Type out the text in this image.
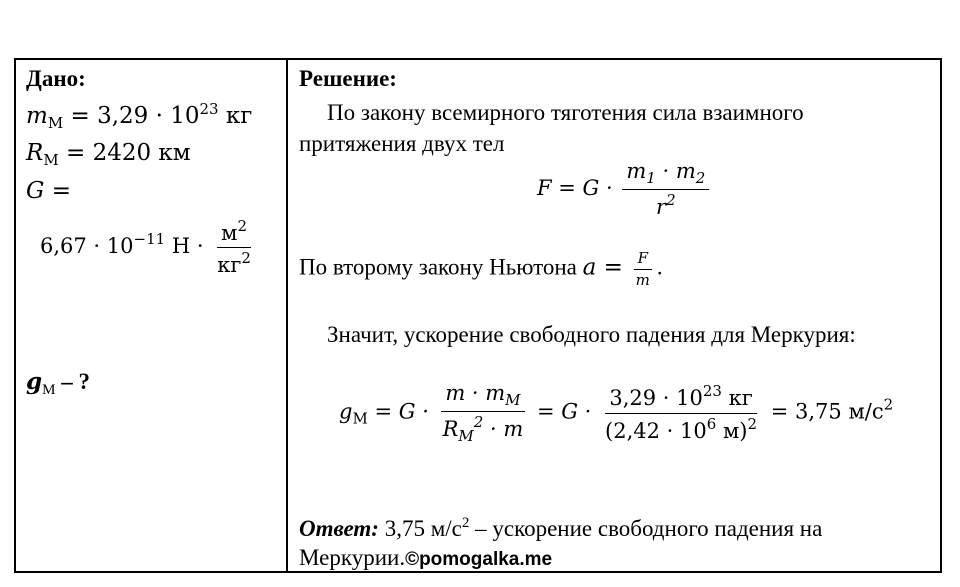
Дано:
$m_М = 3,29 \cdot 10^{23}$ кг
$R_М = 2420$ км
G =
$6,67 \cdot 10^{-11}$ $Н \cdot \frac{м^2}{кг^2}$
$g_М$ – ?
Решение:
По закону всемирного тяготения сила взаимного
притяжения двух тел
$F = G \cdot \frac{m_1 \cdot m_2}{r^2}$
По второму закону Ньютона $a = \frac{F}{m}$ .
Значит, ускорение свободного падения для Меркурия:
$g_М = G \cdot \frac{m \cdot m_М}{R_М^2 \cdot m} = G \cdot \frac{3,29 \cdot 10^{23} кг}{(2,42 \cdot 10^6 м)^2} = 3,75$ $м/с^2$
Ответ: 3,75 $м/с^2$ – ускорение свободного падения на
Меркурии.©pomogalka.me
